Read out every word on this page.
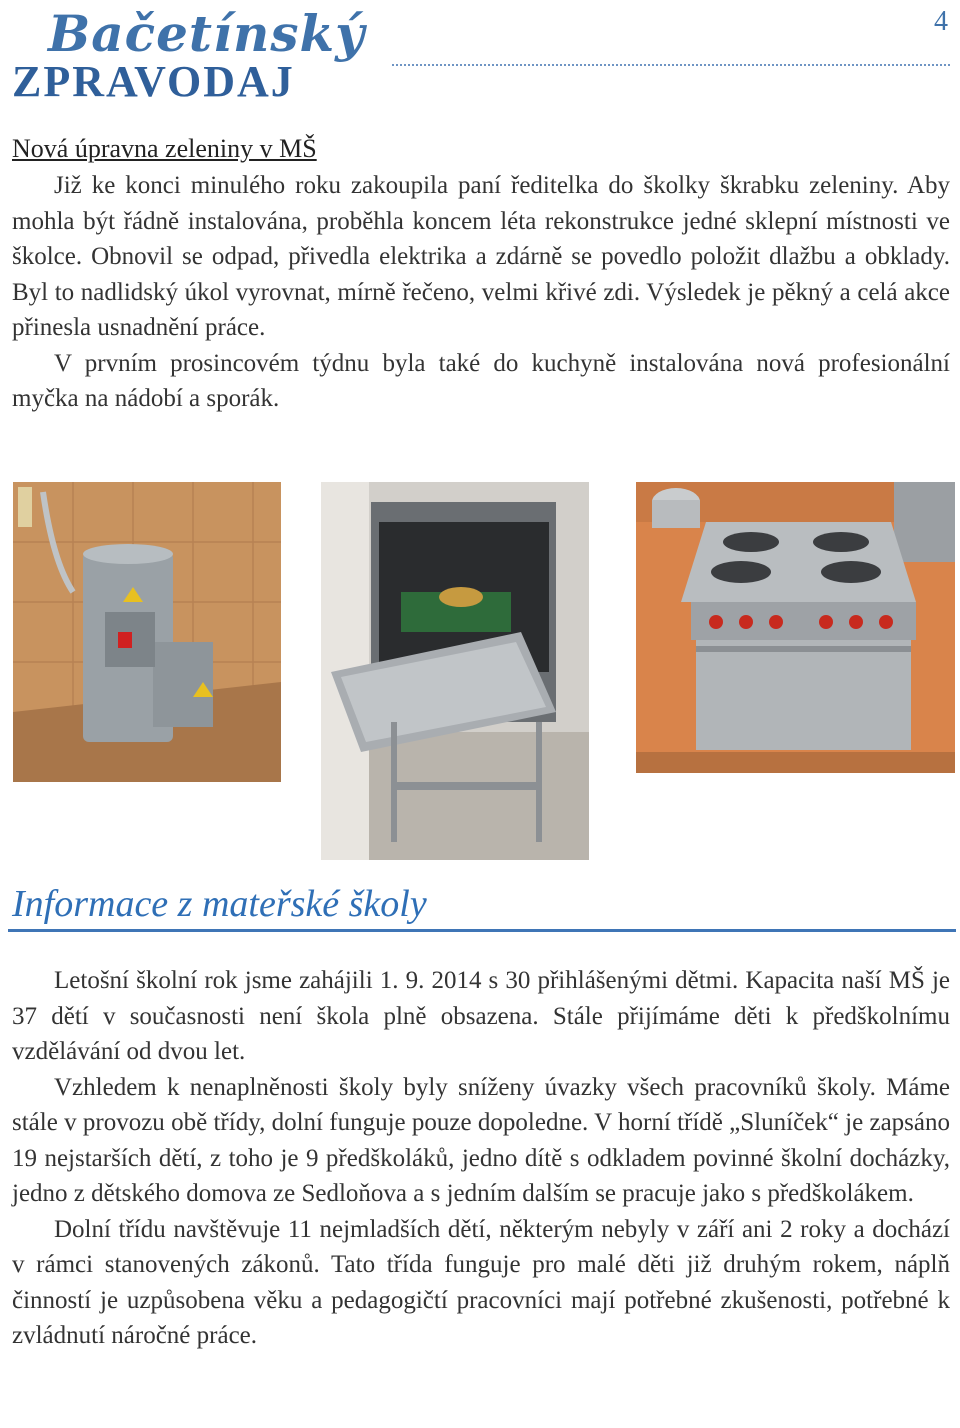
Bačetínský
ZPRAVODAJ
4
Nová úpravna zeleniny v MŠ

Již ke konci minulého roku zakoupila paní ředitelka do školky škrabku zeleniny. Aby mohla být řádně instalována, proběhla koncem léta rekonstrukce jedné sklepní místnosti ve školce. Obnovil se odpad, přivedla elektrika a zdárně se povedlo položit dlažbu a obklady. Byl to nadlidský úkol vyrovnat, mírně řečeno, velmi křivé zdi. Výsledek je pěkný a celá akce přinesla usnadnění práce.

V prvním prosincovém týdnu byla také do kuchyně instalována nová profesionální myčka na nádobí a sporák.

Informace z mateřské školy

Letošní školní rok jsme zahájili 1. 9. 2014 s 30 přihlášenými dětmi. Kapacita naší MŠ je 37 dětí v současnosti není škola plně obsazena. Stále přijímáme děti k předškolnímu vzdělávání od dvou let.

Vzhledem k nenaplněnosti školy byly sníženy úvazky všech pracovníků školy. Máme stále v provozu obě třídy, dolní funguje pouze dopoledne. V horní třídě „Sluníček“ je zapsáno 19 nejstarších dětí, z toho je 9 předškoláků, jedno dítě s odkladem povinné školní docházky, jedno z dětského domova ze Sedloňova a s jedním dalším se pracuje jako s předškolákem.

Dolní třídu navštěvuje 11 nejmladších dětí, některým nebyly v září ani 2 roky a dochází v rámci stanovených zákonů. Tato třída funguje pro malé děti již druhým rokem, náplň činností je uzpůsobena věku a pedagogičtí pracovníci mají potřebné zkušenosti, potřebné k zvládnutí náročné práce.
